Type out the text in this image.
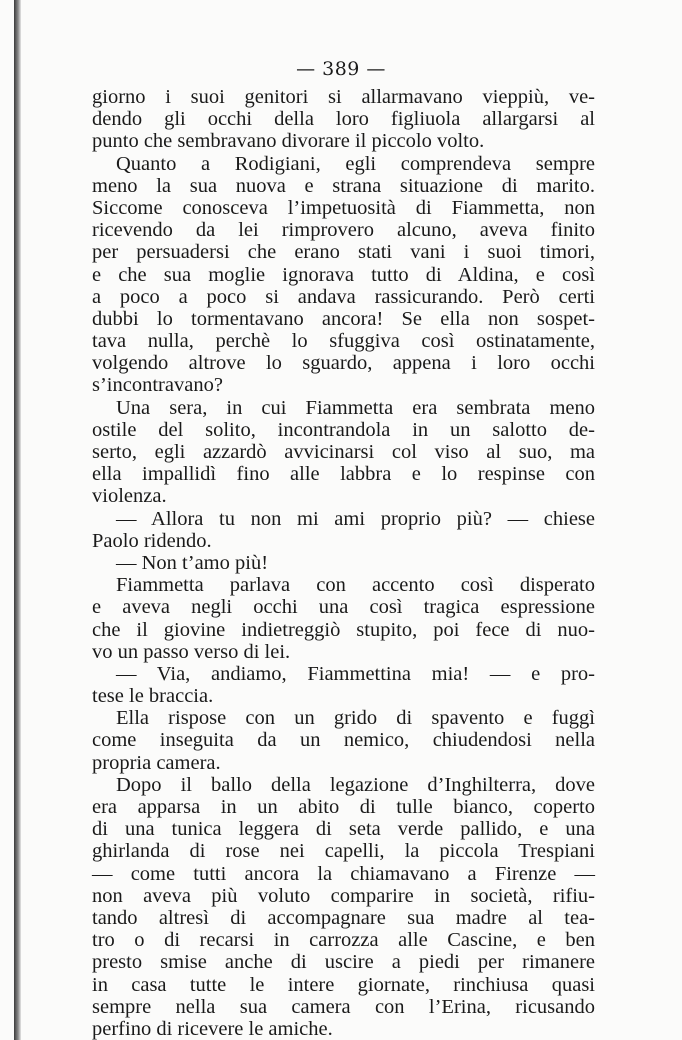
— 389 —
giorno i suoi genitori si allarmavano vieppiù, ve-
dendo gli occhi della loro figliuola allargarsi al
punto che sembravano divorare il piccolo volto.
Quanto a Rodigiani, egli comprendeva sempre
meno la sua nuova e strana situazione di marito.
Siccome conosceva l’impetuosità di Fiammetta, non
ricevendo da lei rimprovero alcuno, aveva finito
per persuadersi che erano stati vani i suoi timori,
e che sua moglie ignorava tutto di Aldina, e così
a poco a poco si andava rassicurando. Però certi
dubbi lo tormentavano ancora! Se ella non sospet-
tava nulla, perchè lo sfuggiva così ostinatamente,
volgendo altrove lo sguardo, appena i loro occhi
s’incontravano?
Una sera, in cui Fiammetta era sembrata meno
ostile del solito, incontrandola in un salotto de-
serto, egli azzardò avvicinarsi col viso al suo, ma
ella impallidì fino alle labbra e lo respinse con
violenza.
— Allora tu non mi ami proprio più? — chiese
Paolo ridendo.
— Non t’amo più!
Fiammetta parlava con accento così disperato
e aveva negli occhi una così tragica espressione
che il giovine indietreggiò stupito, poi fece di nuo-
vo un passo verso di lei.
— Via, andiamo, Fiammettina mia! — e pro-
tese le braccia.
Ella rispose con un grido di spavento e fuggì
come inseguita da un nemico, chiudendosi nella
propria camera.
Dopo il ballo della legazione d’Inghilterra, dove
era apparsa in un abito di tulle bianco, coperto
di una tunica leggera di seta verde pallido, e una
ghirlanda di rose nei capelli, la piccola Trespiani
— come tutti ancora la chiamavano a Firenze —
non aveva più voluto comparire in società, rifiu-
tando altresì di accompagnare sua madre al tea-
tro o di recarsi in carrozza alle Cascine, e ben
presto smise anche di uscire a piedi per rimanere
in casa tutte le intere giornate, rinchiusa quasi
sempre nella sua camera con l’Erina, ricusando
perfino di ricevere le amiche.
